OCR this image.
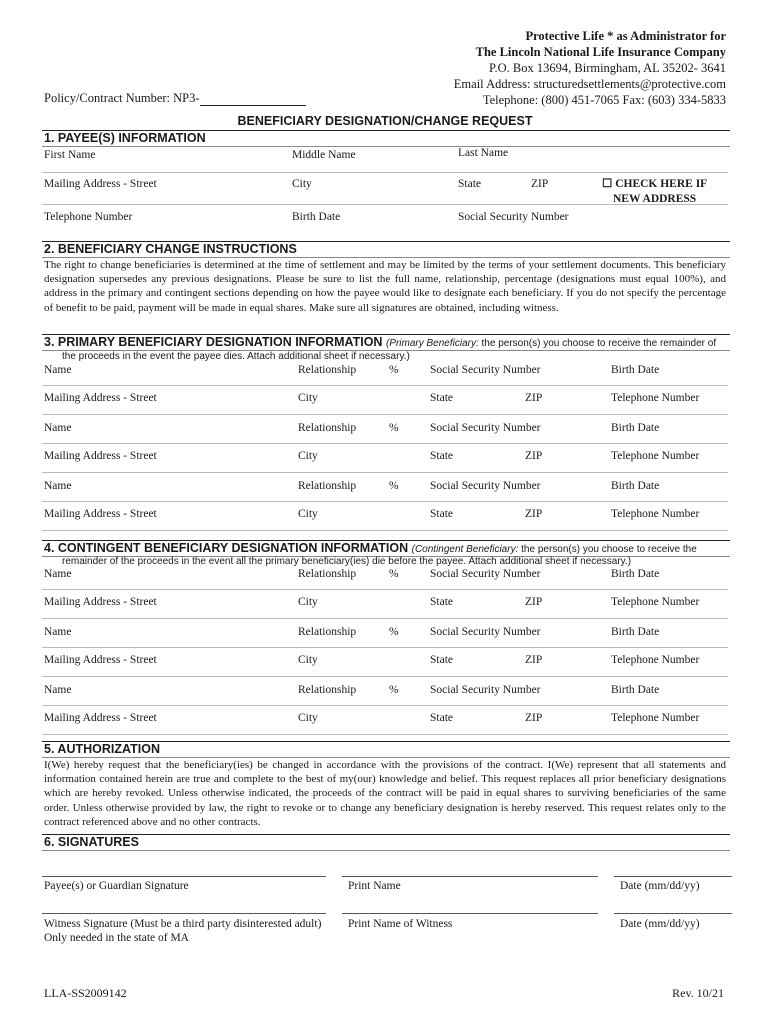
Protective Life * as Administrator for
The Lincoln National Life Insurance Company
P.O. Box 13694, Birmingham, AL 35202- 3641
Email Address: structuredsettlements@protective.com
Telephone: (800) 451-7065 Fax: (603) 334-5833
Policy/Contract Number: NP3-
BENEFICIARY DESIGNATION/CHANGE REQUEST
1. PAYEE(S) INFORMATION
First Name	Middle Name	Last Name
Mailing Address - Street	City	State	ZIP	☐ CHECK HERE IF
NEW ADDRESS
Telephone Number	Birth Date	Social Security Number
2. BENEFICIARY CHANGE INSTRUCTIONS
The right to change beneficiaries is determined at the time of settlement and may be limited by the terms of your settlement documents. This beneficiary designation supersedes any previous designations. Please be sure to list the full name, relationship, percentage (designations must equal 100%), and address in the primary and contingent sections depending on how the payee would like to designate each beneficiary. If you do not specify the percentage of benefit to be paid, payment will be made in equal shares. Make sure all signatures are obtained, including witness.
3. PRIMARY BENEFICIARY DESIGNATION INFORMATION (Primary Beneficiary: the person(s) you choose to receive the remainder of
the proceeds in the event the payee dies. Attach additional sheet if necessary.)
Name	Relationship	%	Social Security Number	Birth Date
Mailing Address - Street	City	State	ZIP	Telephone Number
Name	Relationship	%	Social Security Number	Birth Date
Mailing Address - Street	City	State	ZIP	Telephone Number
Name	Relationship	%	Social Security Number	Birth Date
Mailing Address - Street	City	State	ZIP	Telephone Number
4. CONTINGENT BENEFICIARY DESIGNATION INFORMATION (Contingent Beneficiary: the person(s) you choose to receive the
remainder of the proceeds in the event all the primary beneficiary(ies) die before the payee. Attach additional sheet if necessary.)
Name	Relationship	%	Social Security Number	Birth Date
Mailing Address - Street	City	State	ZIP	Telephone Number
Name	Relationship	%	Social Security Number	Birth Date
Mailing Address - Street	City	State	ZIP	Telephone Number
Name	Relationship	%	Social Security Number	Birth Date
Mailing Address - Street	City	State	ZIP	Telephone Number
5. AUTHORIZATION
I(We) hereby request that the beneficiary(ies) be changed in accordance with the provisions of the contract. I(We) represent that all statements and information contained herein are true and complete to the best of my(our) knowledge and belief. This request replaces all prior beneficiary designations which are hereby revoked. Unless otherwise indicated, the proceeds of the contract will be paid in equal shares to surviving beneficiaries of the same order. Unless otherwise provided by law, the right to revoke or to change any beneficiary designation is hereby reserved. This request relates only to the contract referenced above and no other contracts.
6. SIGNATURES
Payee(s) or Guardian Signature	Print Name	Date (mm/dd/yy)
Witness Signature (Must be a third party disinterested adult)
Only needed in the state of MA
Print Name of Witness	Date (mm/dd/yy)
LLA-SS2009142	Rev. 10/21
